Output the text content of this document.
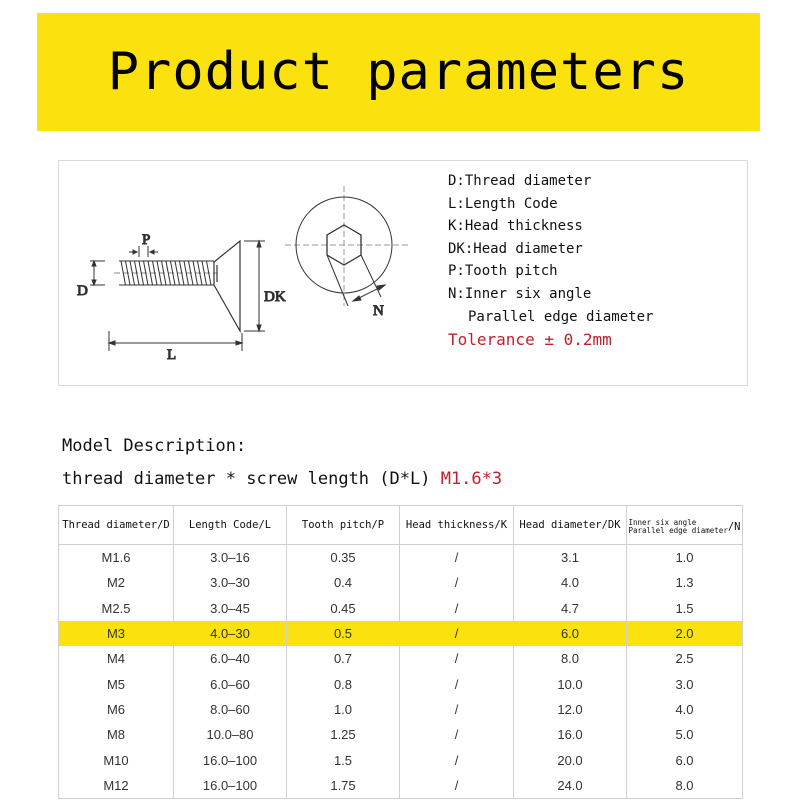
Product parameters
P
D	DK
L
N
D:Thread diameter
L:Length Code
K:Head thickness
DK:Head diameter
P:Tooth pitch
N:Inner six angle
Parallel edge diameter
Tolerance ± 0.2mm
Model Description:
thread diameter * screw length (D*L) M1.6*3
Thread diameter/D	Length Code/L	Tooth pitch/P	Head thickness/K	Head diameter/DK	Inner six angle
Parallel edge diameter /N

M1.6	3.0–16	0.35	/	3.1	1.0
M2	3.0–30	0.4	/	4.0	1.3
M2.5	3.0–45	0.45	/	4.7	1.5
M3	4.0–30	0.5	/	6.0	2.0
M4	6.0–40	0.7	/	8.0	2.5
M5	6.0–60	0.8	/	10.0	3.0
M6	8.0–60	1.0	/	12.0	4.0
M8	10.0–80	1.25	/	16.0	5.0
M10	16.0–100	1.5	/	20.0	6.0
M12	16.0–100	1.75	/	24.0	8.0
